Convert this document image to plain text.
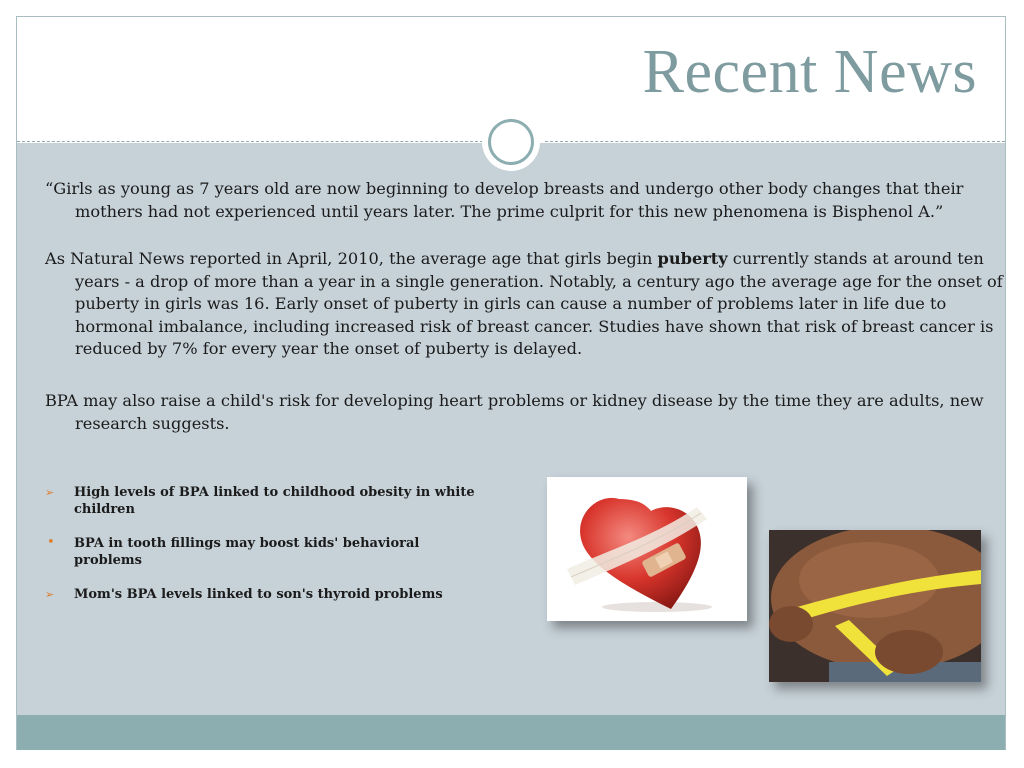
Recent News

“Girls as young as 7 years old are now beginning to develop breasts and undergo other body changes that their mothers had not experienced until years later. The prime culprit for this new phenomena is Bisphenol A.”

As Natural News reported in April, 2010, the average age that girls begin puberty currently stands at around ten years - a drop of more than a year in a single generation. Notably, a century ago the average age for the onset of puberty in girls was 16. Early onset of puberty in girls can cause a number of problems later in life due to hormonal imbalance, including increased risk of breast cancer. Studies have shown that risk of breast cancer is reduced by 7% for every year the onset of puberty is delayed.

BPA may also raise a child's risk for developing heart problems or kidney disease by the time they are adults, new research suggests.

➢ High levels of BPA linked to childhood obesity in white children
• BPA in tooth fillings may boost kids' behavioral problems
➢ Mom's BPA levels linked to son's thyroid problems
